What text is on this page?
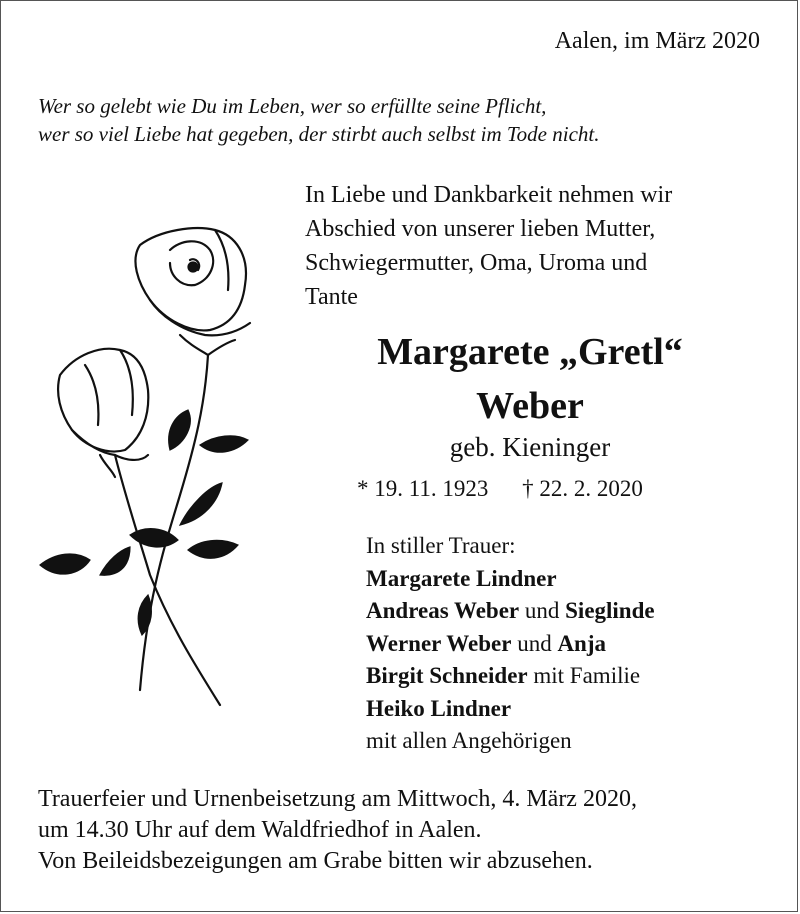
Aalen, im März 2020
Wer so gelebt wie Du im Leben, wer so erfüllte seine Pflicht,
wer so viel Liebe hat gegeben, der stirbt auch selbst im Tode nicht.
In Liebe und Dankbarkeit nehmen wir
Abschied von unserer lieben Mutter,
Schwiegermutter, Oma, Uroma und
Tante
Margarete „Gretl“
Weber
geb. Kieninger
* 19. 11. 1923 † 22. 2. 2020
In stiller Trauer:
Margarete Lindner
Andreas Weber und Sieglinde
Werner Weber und Anja
Birgit Schneider mit Familie
Heiko Lindner
mit allen Angehörigen
Trauerfeier und Urnenbeisetzung am Mittwoch, 4. März 2020,
um 14.30 Uhr auf dem Waldfriedhof in Aalen.
Von Beileidsbezeigungen am Grabe bitten wir abzusehen.
